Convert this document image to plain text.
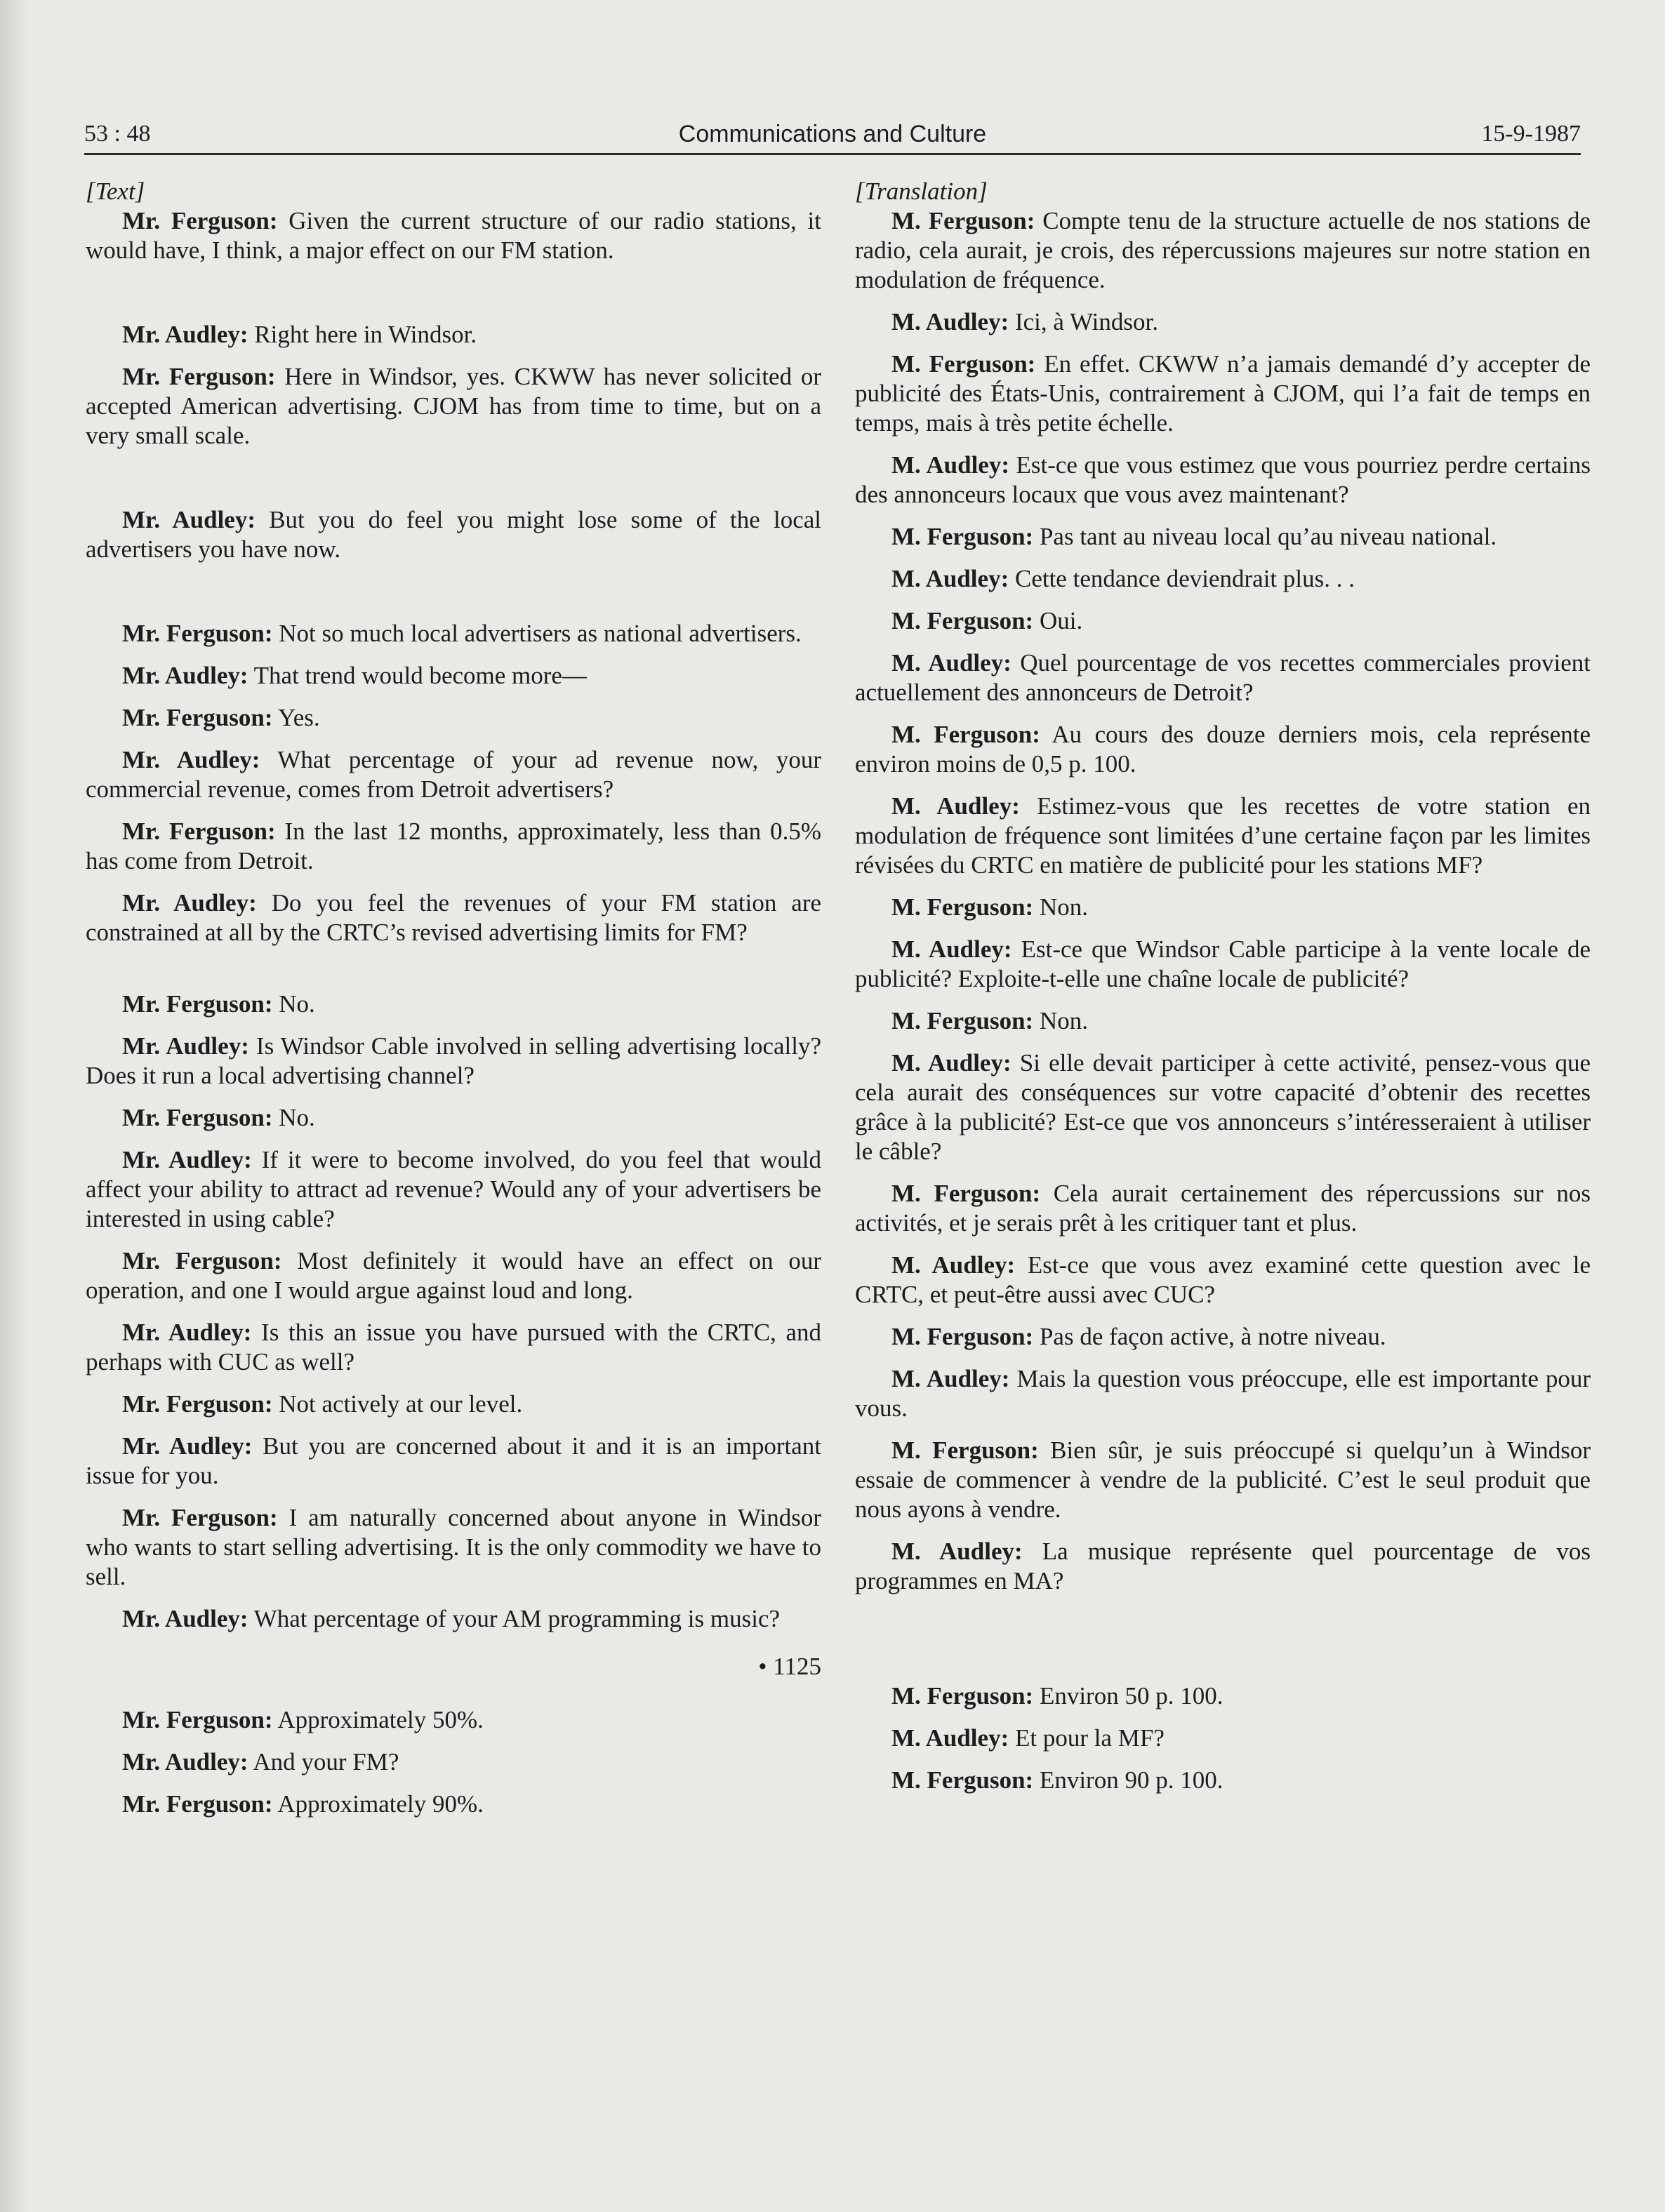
53 : 48	Communications and Culture	15-9-1987
[Text]

Mr. Ferguson: Given the current structure of our radio stations, it would have, I think, a major effect on our FM station.

Mr. Audley: Right here in Windsor.

Mr. Ferguson: Here in Windsor, yes. CKWW has never solicited or accepted American advertising. CJOM has from time to time, but on a very small scale.

Mr. Audley: But you do feel you might lose some of the local advertisers you have now.

Mr. Ferguson: Not so much local advertisers as national advertisers.

Mr. Audley: That trend would become more—

Mr. Ferguson: Yes.

Mr. Audley: What percentage of your ad revenue now, your commercial revenue, comes from Detroit advertisers?

Mr. Ferguson: In the last 12 months, approximately, less than 0.5% has come from Detroit.

Mr. Audley: Do you feel the revenues of your FM station are constrained at all by the CRTC’s revised advertising limits for FM?

Mr. Ferguson: No.

Mr. Audley: Is Windsor Cable involved in selling advertising locally? Does it run a local advertising channel?

Mr. Ferguson: No.

Mr. Audley: If it were to become involved, do you feel that would affect your ability to attract ad revenue? Would any of your advertisers be interested in using cable?

Mr. Ferguson: Most definitely it would have an effect on our operation, and one I would argue against loud and long.

Mr. Audley: Is this an issue you have pursued with the CRTC, and perhaps with CUC as well?

Mr. Ferguson: Not actively at our level.

Mr. Audley: But you are concerned about it and it is an important issue for you.

Mr. Ferguson: I am naturally concerned about anyone in Windsor who wants to start selling advertising. It is the only commodity we have to sell.

Mr. Audley: What percentage of your AM programming is music?

• 1125

Mr. Ferguson: Approximately 50%.

Mr. Audley: And your FM?

Mr. Ferguson: Approximately 90%.

[Translation]

M. Ferguson: Compte tenu de la structure actuelle de nos stations de radio, cela aurait, je crois, des répercussions majeures sur notre station en modulation de fréquence.

M. Audley: Ici, à Windsor.

M. Ferguson: En effet. CKWW n’a jamais demandé d’y accepter de publicité des États-Unis, contrairement à CJOM, qui l’a fait de temps en temps, mais à très petite échelle.

M. Audley: Est-ce que vous estimez que vous pourriez perdre certains des annonceurs locaux que vous avez maintenant?

M. Ferguson: Pas tant au niveau local qu’au niveau national.

M. Audley: Cette tendance deviendrait plus. . .

M. Ferguson: Oui.

M. Audley: Quel pourcentage de vos recettes commerciales provient actuellement des annonceurs de Detroit?

M. Ferguson: Au cours des douze derniers mois, cela représente environ moins de 0,5 p. 100.

M. Audley: Estimez-vous que les recettes de votre station en modulation de fréquence sont limitées d’une certaine façon par les limites révisées du CRTC en matière de publicité pour les stations MF?

M. Ferguson: Non.

M. Audley: Est-ce que Windsor Cable participe à la vente locale de publicité? Exploite-t-elle une chaîne locale de publicité?

M. Ferguson: Non.

M. Audley: Si elle devait participer à cette activité, pensez-vous que cela aurait des conséquences sur votre capacité d’obtenir des recettes grâce à la publicité? Est-ce que vos annonceurs s’intéresseraient à utiliser le câble?

M. Ferguson: Cela aurait certainement des répercussions sur nos activités, et je serais prêt à les critiquer tant et plus.

M. Audley: Est-ce que vous avez examiné cette question avec le CRTC, et peut-être aussi avec CUC?

M. Ferguson: Pas de façon active, à notre niveau.

M. Audley: Mais la question vous préoccupe, elle est importante pour vous.

M. Ferguson: Bien sûr, je suis préoccupé si quelqu’un à Windsor essaie de commencer à vendre de la publicité. C’est le seul produit que nous ayons à vendre.

M. Audley: La musique représente quel pourcentage de vos programmes en MA?

M. Ferguson: Environ 50 p. 100.

M. Audley: Et pour la MF?

M. Ferguson: Environ 90 p. 100.
